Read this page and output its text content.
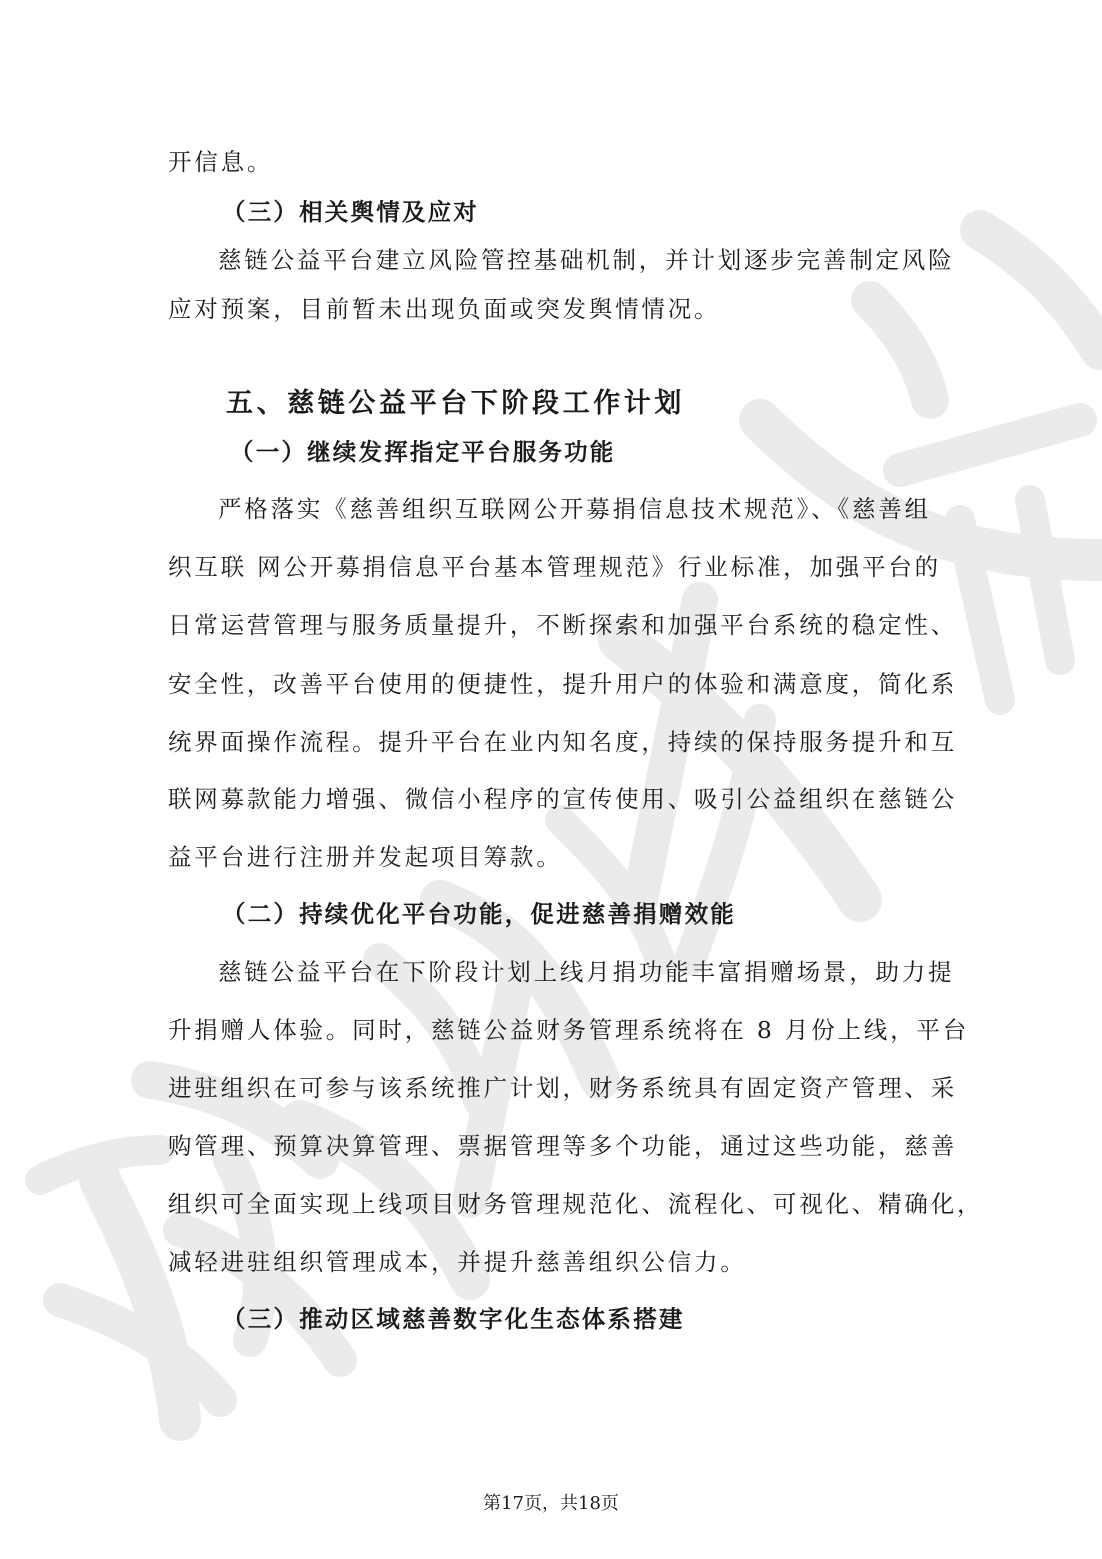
开信息。
（三）相关舆情及应对
慈链公益平台建立风险管控基础机制，并计划逐步完善制定风险
应对预案，目前暂未出现负面或突发舆情情况。
五、慈链公益平台下阶段工作计划
（一）继续发挥指定平台服务功能
严格落实《慈善组织互联网公开募捐信息技术规范》、《慈善组
织互联 网公开募捐信息平台基本管理规范》行业标准，加强平台的
日常运营管理与服务质量提升，不断探索和加强平台系统的稳定性、
安全性，改善平台使用的便捷性，提升用户的体验和满意度，简化系
统界面操作流程。提升平台在业内知名度，持续的保持服务提升和互
联网募款能力增强、微信小程序的宣传使用、吸引公益组织在慈链公
益平台进行注册并发起项目筹款。
（二）持续优化平台功能，促进慈善捐赠效能
慈链公益平台在下阶段计划上线月捐功能丰富捐赠场景，助力提
升捐赠人体验。同时，慈链公益财务管理系统将在 8 月份上线，平台
进驻组织在可参与该系统推广计划，财务系统具有固定资产管理、采
购管理、预算决算管理、票据管理等多个功能，通过这些功能，慈善
组织可全面实现上线项目财务管理规范化、流程化、可视化、精确化，
减轻进驻组织管理成本，并提升慈善组织公信力。
（三）推动区域慈善数字化生态体系搭建
第17页，共18页
